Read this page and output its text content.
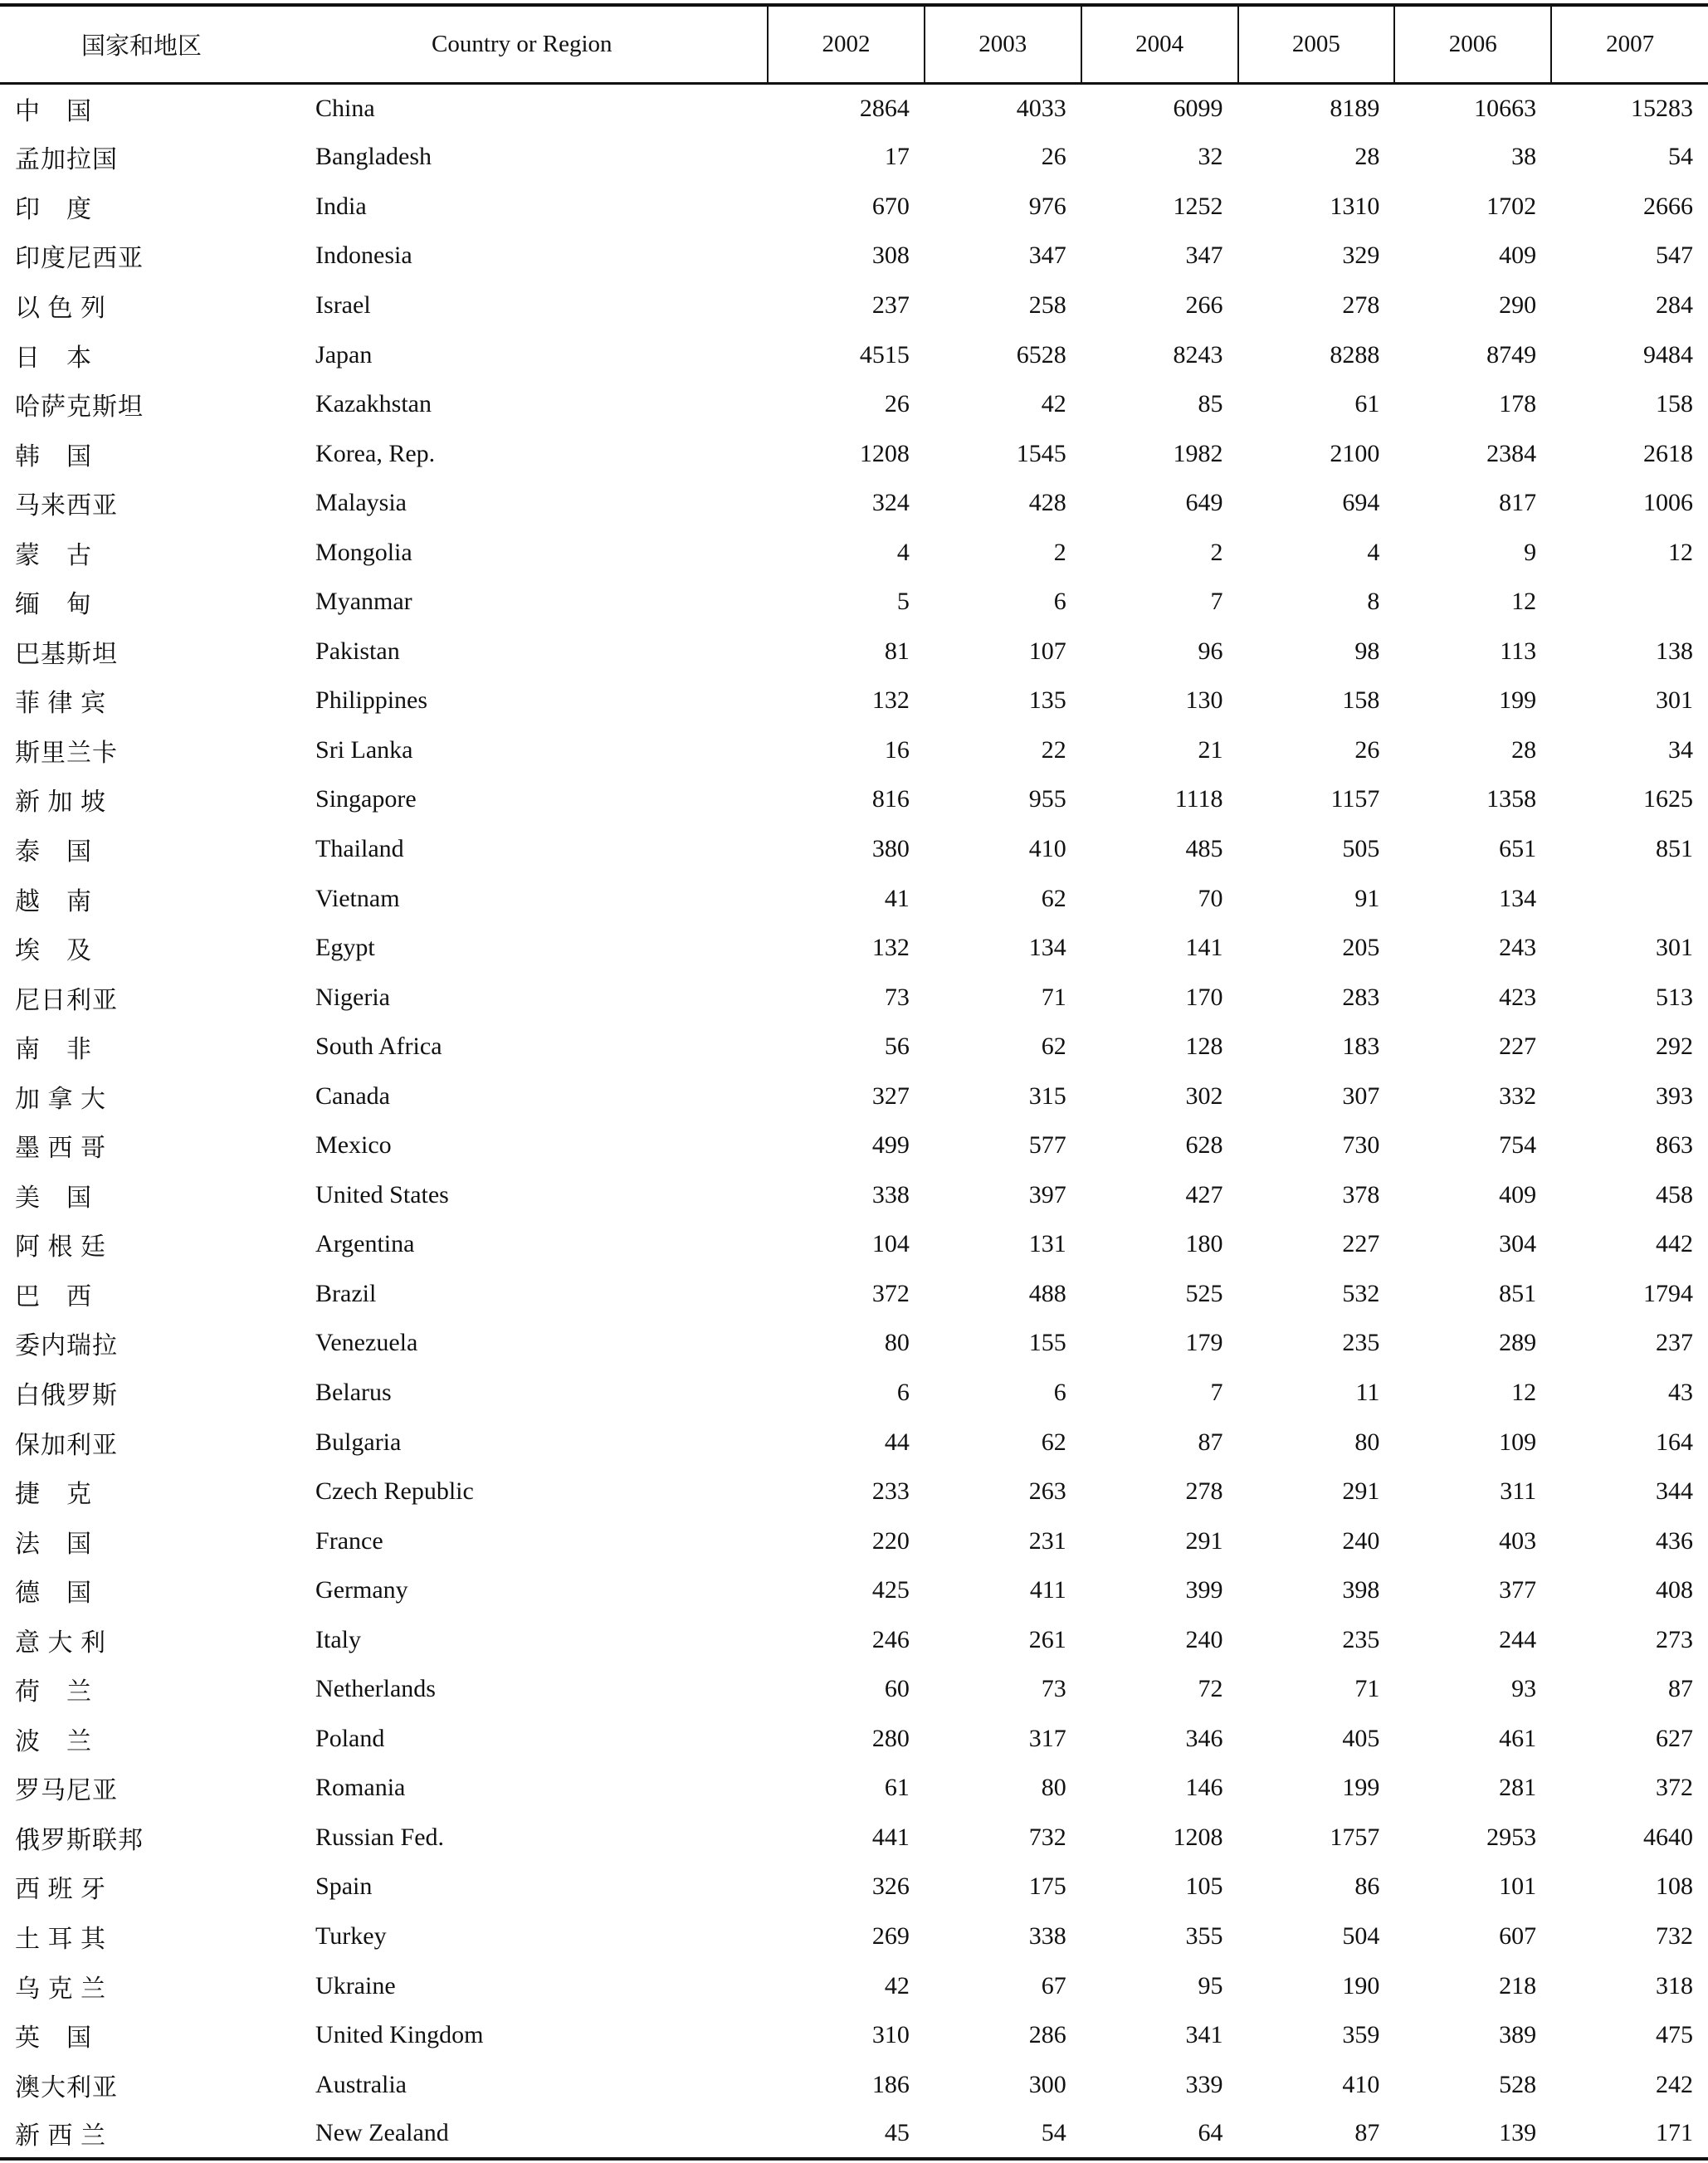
国家和地区	Country or Region	2002	2003	2004	2005	2006	2007
中　国	China	2864	4033	6099	8189	10663	15283
孟加拉国	Bangladesh	17	26	32	28	38	54
印　度	India	670	976	1252	1310	1702	2666
印度尼西亚	Indonesia	308	347	347	329	409	547
以 色 列	Israel	237	258	266	278	290	284
日　本	Japan	4515	6528	8243	8288	8749	9484
哈萨克斯坦	Kazakhstan	26	42	85	61	178	158
韩　国	Korea, Rep.	1208	1545	1982	2100	2384	2618
马来西亚	Malaysia	324	428	649	694	817	1006
蒙　古	Mongolia	4	2	2	4	9	12
缅　甸	Myanmar	5	6	7	8	12	
巴基斯坦	Pakistan	81	107	96	98	113	138
菲 律 宾	Philippines	132	135	130	158	199	301
斯里兰卡	Sri Lanka	16	22	21	26	28	34
新 加 坡	Singapore	816	955	1118	1157	1358	1625
泰　国	Thailand	380	410	485	505	651	851
越　南	Vietnam	41	62	70	91	134	
埃　及	Egypt	132	134	141	205	243	301
尼日利亚	Nigeria	73	71	170	283	423	513
南　非	South Africa	56	62	128	183	227	292
加 拿 大	Canada	327	315	302	307	332	393
墨 西 哥	Mexico	499	577	628	730	754	863
美　国	United States	338	397	427	378	409	458
阿 根 廷	Argentina	104	131	180	227	304	442
巴　西	Brazil	372	488	525	532	851	1794
委内瑞拉	Venezuela	80	155	179	235	289	237
白俄罗斯	Belarus	6	6	7	11	12	43
保加利亚	Bulgaria	44	62	87	80	109	164
捷　克	Czech Republic	233	263	278	291	311	344
法　国	France	220	231	291	240	403	436
德　国	Germany	425	411	399	398	377	408
意 大 利	Italy	246	261	240	235	244	273
荷　兰	Netherlands	60	73	72	71	93	87
波　兰	Poland	280	317	346	405	461	627
罗马尼亚	Romania	61	80	146	199	281	372
俄罗斯联邦	Russian Fed.	441	732	1208	1757	2953	4640
西 班 牙	Spain	326	175	105	86	101	108
土 耳 其	Turkey	269	338	355	504	607	732
乌 克 兰	Ukraine	42	67	95	190	218	318
英　国	United Kingdom	310	286	341	359	389	475
澳大利亚	Australia	186	300	339	410	528	242
新 西 兰	New Zealand	45	54	64	87	139	171
